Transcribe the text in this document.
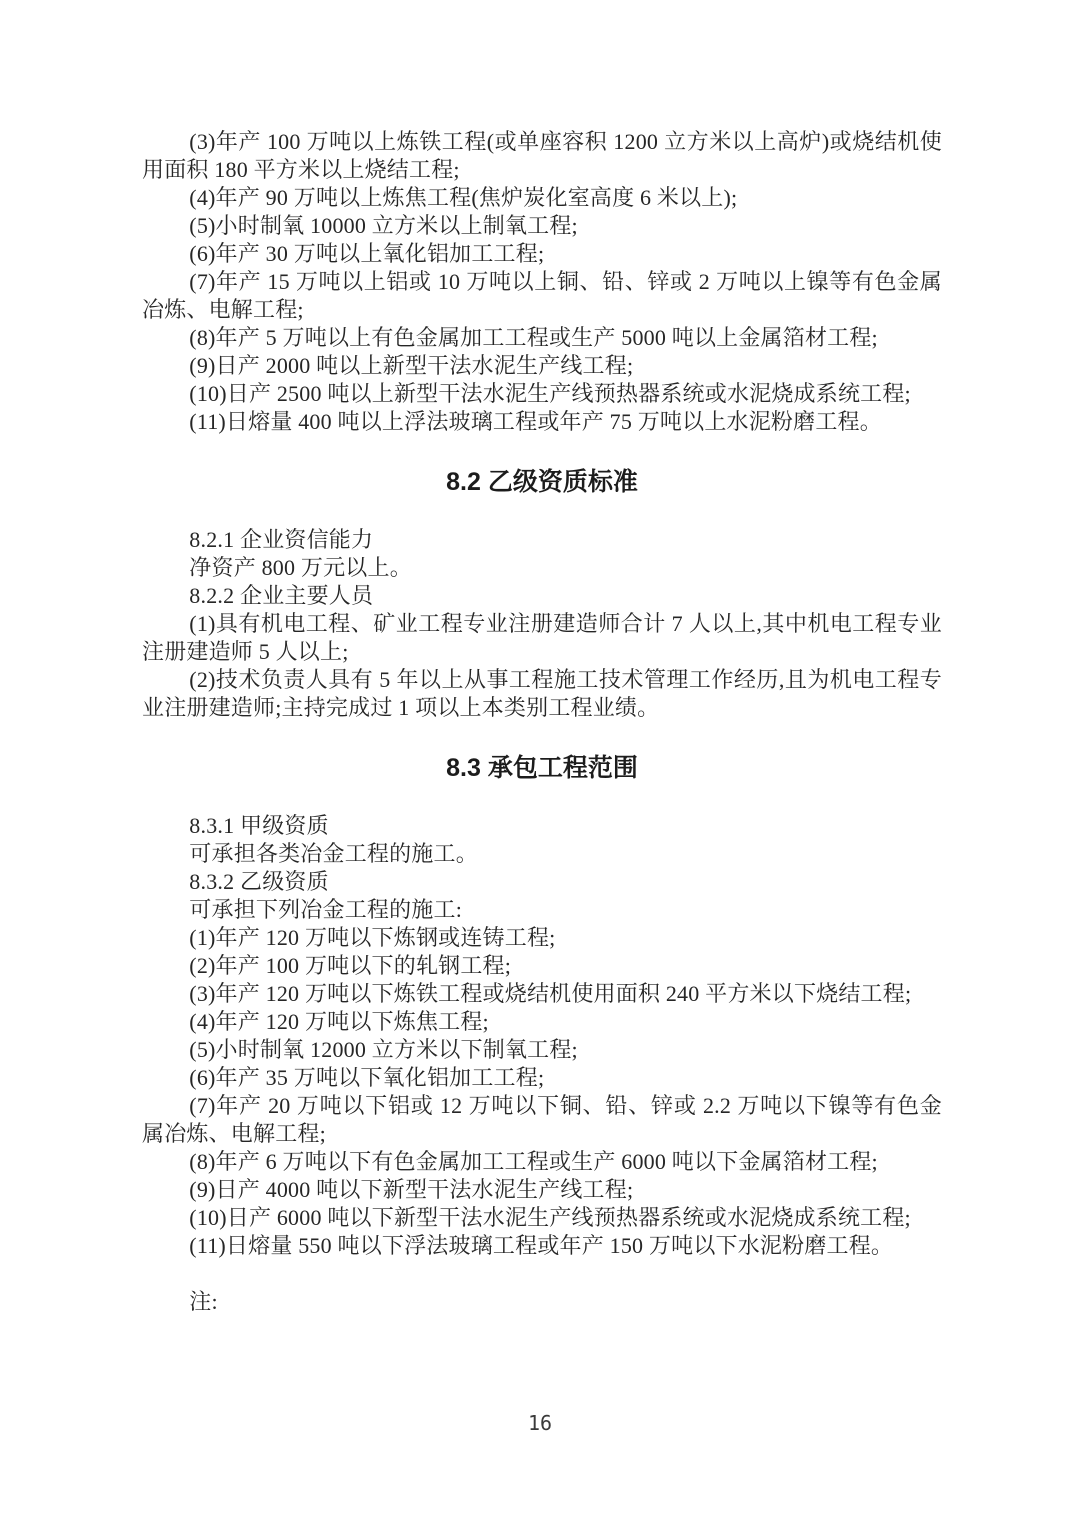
(3)年产 100 万吨以上炼铁工程(或单座容积 1200 立方米以上高炉)或烧结机使用面积 180 平方米以上烧结工程;

(4)年产 90 万吨以上炼焦工程(焦炉炭化室高度 6 米以上);

(5)小时制氧 10000 立方米以上制氧工程;

(6)年产 30 万吨以上氧化铝加工工程;

(7)年产 15 万吨以上铝或 10 万吨以上铜、铅、锌或 2 万吨以上镍等有色金属冶炼、电解工程;

(8)年产 5 万吨以上有色金属加工工程或生产 5000 吨以上金属箔材工程;

(9)日产 2000 吨以上新型干法水泥生产线工程;

(10)日产 2500 吨以上新型干法水泥生产线预热器系统或水泥烧成系统工程;

(11)日熔量 400 吨以上浮法玻璃工程或年产 75 万吨以上水泥粉磨工程。

8.2 乙级资质标准

8.2.1 企业资信能力

净资产 800 万元以上。

8.2.2 企业主要人员

(1)具有机电工程、矿业工程专业注册建造师合计 7 人以上,其中机电工程专业注册建造师 5 人以上;

(2)技术负责人具有 5 年以上从事工程施工技术管理工作经历,且为机电工程专业注册建造师;主持完成过 1 项以上本类别工程业绩。

8.3 承包工程范围

8.3.1 甲级资质

可承担各类冶金工程的施工。

8.3.2 乙级资质

可承担下列冶金工程的施工:

(1)年产 120 万吨以下炼钢或连铸工程;

(2)年产 100 万吨以下的轧钢工程;

(3)年产 120 万吨以下炼铁工程或烧结机使用面积 240 平方米以下烧结工程;

(4)年产 120 万吨以下炼焦工程;

(5)小时制氧 12000 立方米以下制氧工程;

(6)年产 35 万吨以下氧化铝加工工程;

(7)年产 20 万吨以下铝或 12 万吨以下铜、铅、锌或 2.2 万吨以下镍等有色金属冶炼、电解工程;

(8)年产 6 万吨以下有色金属加工工程或生产 6000 吨以下金属箔材工程;

(9)日产 4000 吨以下新型干法水泥生产线工程;

(10)日产 6000 吨以下新型干法水泥生产线预热器系统或水泥烧成系统工程;

(11)日熔量 550 吨以下浮法玻璃工程或年产 150 万吨以下水泥粉磨工程。

注:

16
